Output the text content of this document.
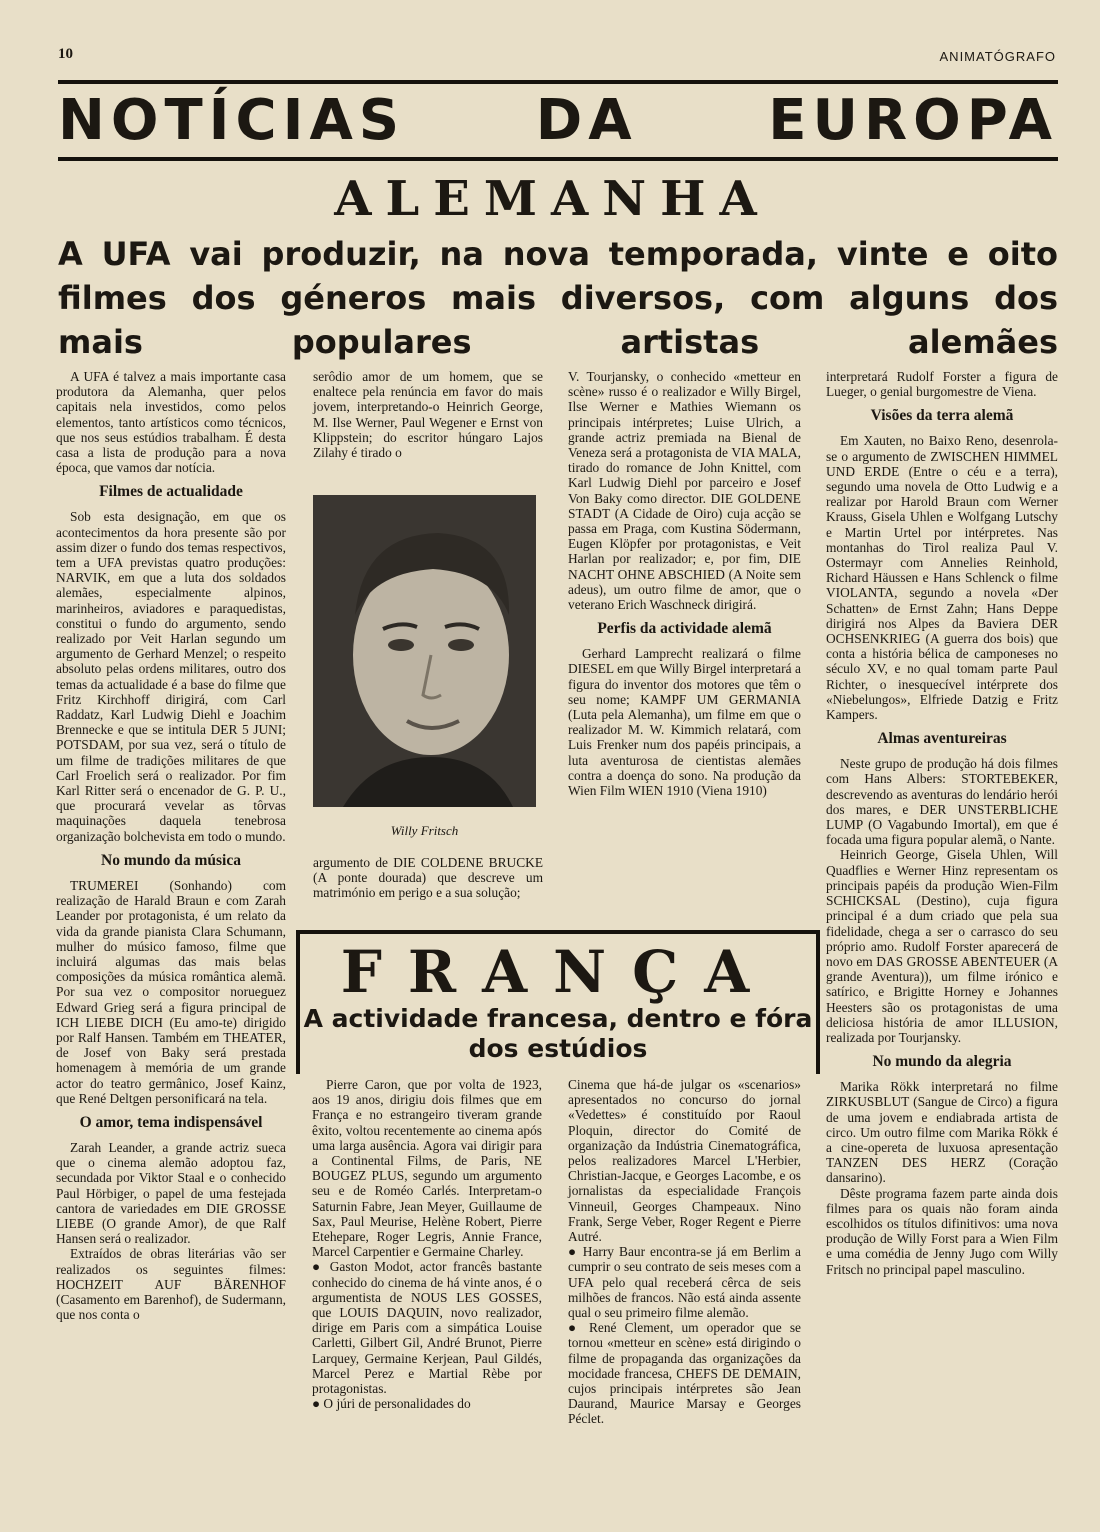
10	ANIMATÓGRAFO
NOTÍCIAS DA EUROPA
ALEMANHA
A UFA vai produzir, na nova temporada, vinte e oito filmes dos géneros mais diversos, com alguns dos mais populares artistas alemães

A UFA é talvez a mais importante casa produtora da Alemanha, quer pelos capitais nela investidos, como pelos elementos, tanto artísticos como técnicos, que nos seus estúdios trabalham. É desta casa a lista de produção para a nova época, que vamos dar notícia.

Filmes de actualidade

Sob esta designação, em que os acontecimentos da hora presente são por assim dizer o fundo dos temas respectivos, tem a UFA previstas quatro produções: NARVIK, em que a luta dos soldados alemães, especialmente alpinos, marinheiros, aviadores e paraquedistas, constitui o fundo do argumento, sendo realizado por Veit Harlan segundo um argumento de Gerhard Menzel; o respeito absoluto pelas ordens militares, outro dos temas da actualidade é a base do filme que Fritz Kirchhoff dirigirá, com Carl Raddatz, Karl Ludwig Diehl e Joachim Brennecke e que se intitula DER 5 JUNI; POTSDAM, por sua vez, será o título de um filme de tradições militares de que Carl Froelich será o realizador. Por fim Karl Ritter será o encenador de G. P. U., que procurará vevelar as tôrvas maquinações daquela tenebrosa organização bolchevista em todo o mundo.

No mundo da música

TRUMEREI (Sonhando) com realização de Harald Braun e com Zarah Leander por protagonista, é um relato da vida da grande pianista Clara Schumann, mulher do músico famoso, filme que incluirá algumas das mais belas composições da música romântica alemã. Por sua vez o compositor norueguez Edward Grieg será a figura principal de ICH LIEBE DICH (Eu amo-te) dirigido por Ralf Hansen. Também em THEATER, de Josef von Baky será prestada homenagem à memória de um grande actor do teatro germânico, Josef Kainz, que René Deltgen personificará na tela.

O amor, tema indispensável

Zarah Leander, a grande actriz sueca que o cinema alemão adoptou faz, secundada por Viktor Staal e o conhecido Paul Hörbiger, o papel de uma festejada cantora de variedades em DIE GROSSE LIEBE (O grande Amor), de que Ralf Hansen será o realizador.

Extraídos de obras literárias vão ser realizados os seguintes filmes: HOCHZEIT AUF BÄRENHOF (Casamento em Barenhof), de Sudermann, que nos conta o

serôdio amor de um homem, que se enaltece pela renúncia em favor do mais jovem, interpretando-o Heinrich George, M. Ilse Werner, Paul Wegener e Ernst von Klippstein; do escritor húngaro Lajos Zilahy é tirado o

Willy Fritsch

argumento de DIE COLDENE BRUCKE (A ponte dourada) que descreve um matrimónio em perigo e a sua solução;

V. Tourjansky, o conhecido «metteur en scène» russo é o realizador e Willy Birgel, Ilse Werner e Mathies Wiemann os principais intérpretes; Luise Ulrich, a grande actriz premiada na Bienal de Veneza será a protagonista de VIA MALA, tirado do romance de John Knittel, com Karl Ludwig Diehl por parceiro e Josef Von Baky como director. DIE GOLDENE STADT (A Cidade de Oiro) cuja acção se passa em Praga, com Kustina Södermann, Eugen Klöpfer por protagonistas, e Veit Harlan por realizador; e, por fim, DIE NACHT OHNE ABSCHIED (A Noite sem adeus), um outro filme de amor, que o veterano Erich Waschneck dirigirá.

Perfis da actividade alemã

Gerhard Lamprecht realizará o filme DIESEL em que Willy Birgel interpretará a figura do inventor dos motores que têm o seu nome; KAMPF UM GERMANIA (Luta pela Alemanha), um filme em que o realizador M. W. Kimmich relatará, com Luis Frenker num dos papéis principais, a luta aventurosa de cientistas alemães contra a doença do sono. Na produção da Wien Film WIEN 1910 (Viena 1910)

interpretará Rudolf Forster a figura de Lueger, o genial burgomestre de Viena.

Visões da terra alemã

Em Xauten, no Baixo Reno, desenrola-se o argumento de ZWISCHEN HIMMEL UND ERDE (Entre o céu e a terra), segundo uma novela de Otto Ludwig e a realizar por Harold Braun com Werner Krauss, Gisela Uhlen e Wolfgang Lutschy e Martin Urtel por intérpretes. Nas montanhas do Tirol realiza Paul V. Ostermayr com Annelies Reinhold, Richard Häussen e Hans Schlenck o filme VIOLANTA, segundo a novela «Der Schatten» de Ernst Zahn; Hans Deppe dirigirá nos Alpes da Baviera DER OCHSENKRIEG (A guerra dos bois) que conta a história bélica de camponeses no século XV, e no qual tomam parte Paul Richter, o inesquecível intérprete dos «Niebelungos», Elfriede Datzig e Fritz Kampers.

Almas aventureiras

Neste grupo de produção há dois filmes com Hans Albers: STORTEBEKER, descrevendo as aventuras do lendário herói dos mares, e DER UNSTERBLICHE LUMP (O Vagabundo Imortal), em que é focada uma figura popular alemã, o Nante.

Heinrich George, Gisela Uhlen, Will Quadflies e Werner Hinz representam os principais papéis da produção Wien-Film SCHICKSAL (Destino), cuja figura principal é a dum criado que pela sua fidelidade, chega a ser o carrasco do seu próprio amo. Rudolf Forster aparecerá de novo em DAS GROSSE ABENTEUER (A grande Aventura)), um filme irónico e satírico, e Brigitte Horney e Johannes Heesters são os protagonistas de uma deliciosa história de amor ILLUSION, realizada por Tourjansky.

No mundo da alegria

Marika Rökk interpretará no filme ZIRKUSBLUT (Sangue de Circo) a figura de uma jovem e endiabrada artista de circo. Um outro filme com Marika Rökk é a cine-opereta de luxuosa apresentação TANZEN DES HERZ (Coração dansarino).

Dêste programa fazem parte ainda dois filmes para os quais não foram ainda escolhidos os títulos difinitivos: uma nova produção de Willy Forst para a Wien Film e uma comédia de Jenny Jugo com Willy Fritsch no principal papel masculino.

FRANÇA
A actividade francesa, dentro e fóra dos estúdios

Pierre Caron, que por volta de 1923, aos 19 anos, dirigiu dois filmes que em França e no estrangeiro tiveram grande êxito, voltou recentemente ao cinema após uma larga ausência. Agora vai dirigir para a Continental Films, de Paris, NE BOUGEZ PLUS, segundo um argumento seu e de Roméo Carlés. Interpretam-o Saturnin Fabre, Jean Meyer, Guillaume de Sax, Paul Meurise, Helène Robert, Pierre Etehepare, Roger Legris, Annie France, Marcel Carpentier e Germaine Charley.

● Gaston Modot, actor francês bastante conhecido do cinema de há vinte anos, é o argumentista de NOUS LES GOSSES, que LOUIS DAQUIN, novo realizador, dirige em Paris com a simpática Louise Carletti, Gilbert Gil, André Brunot, Pierre Larquey, Germaine Kerjean, Paul Gildés, Marcel Perez e Martial Rèbe por protagonistas.

● O júri de personalidades do

Cinema que há-de julgar os «scenarios» apresentados no concurso do jornal «Vedettes» é constituído por Raoul Ploquin, director do Comité de organização da Indústria Cinematográfica, pelos realizadores Marcel L'Herbier, Christian-Jacque, e Georges Lacombe, e os jornalistas da especialidade François Vinneuil, Georges Champeaux. Nino Frank, Serge Veber, Roger Regent e Pierre Autré.

● Harry Baur encontra-se já em Berlim a cumprir o seu contrato de seis meses com a UFA pelo qual receberá cêrca de seis milhões de francos. Não está ainda assente qual o seu primeiro filme alemão.

● René Clement, um operador que se tornou «metteur en scène» está dirigindo o filme de propaganda das organizações da mocidade francesa, CHEFS DE DEMAIN, cujos principais intérpretes são Jean Daurand, Maurice Marsay e Georges Péclet.
